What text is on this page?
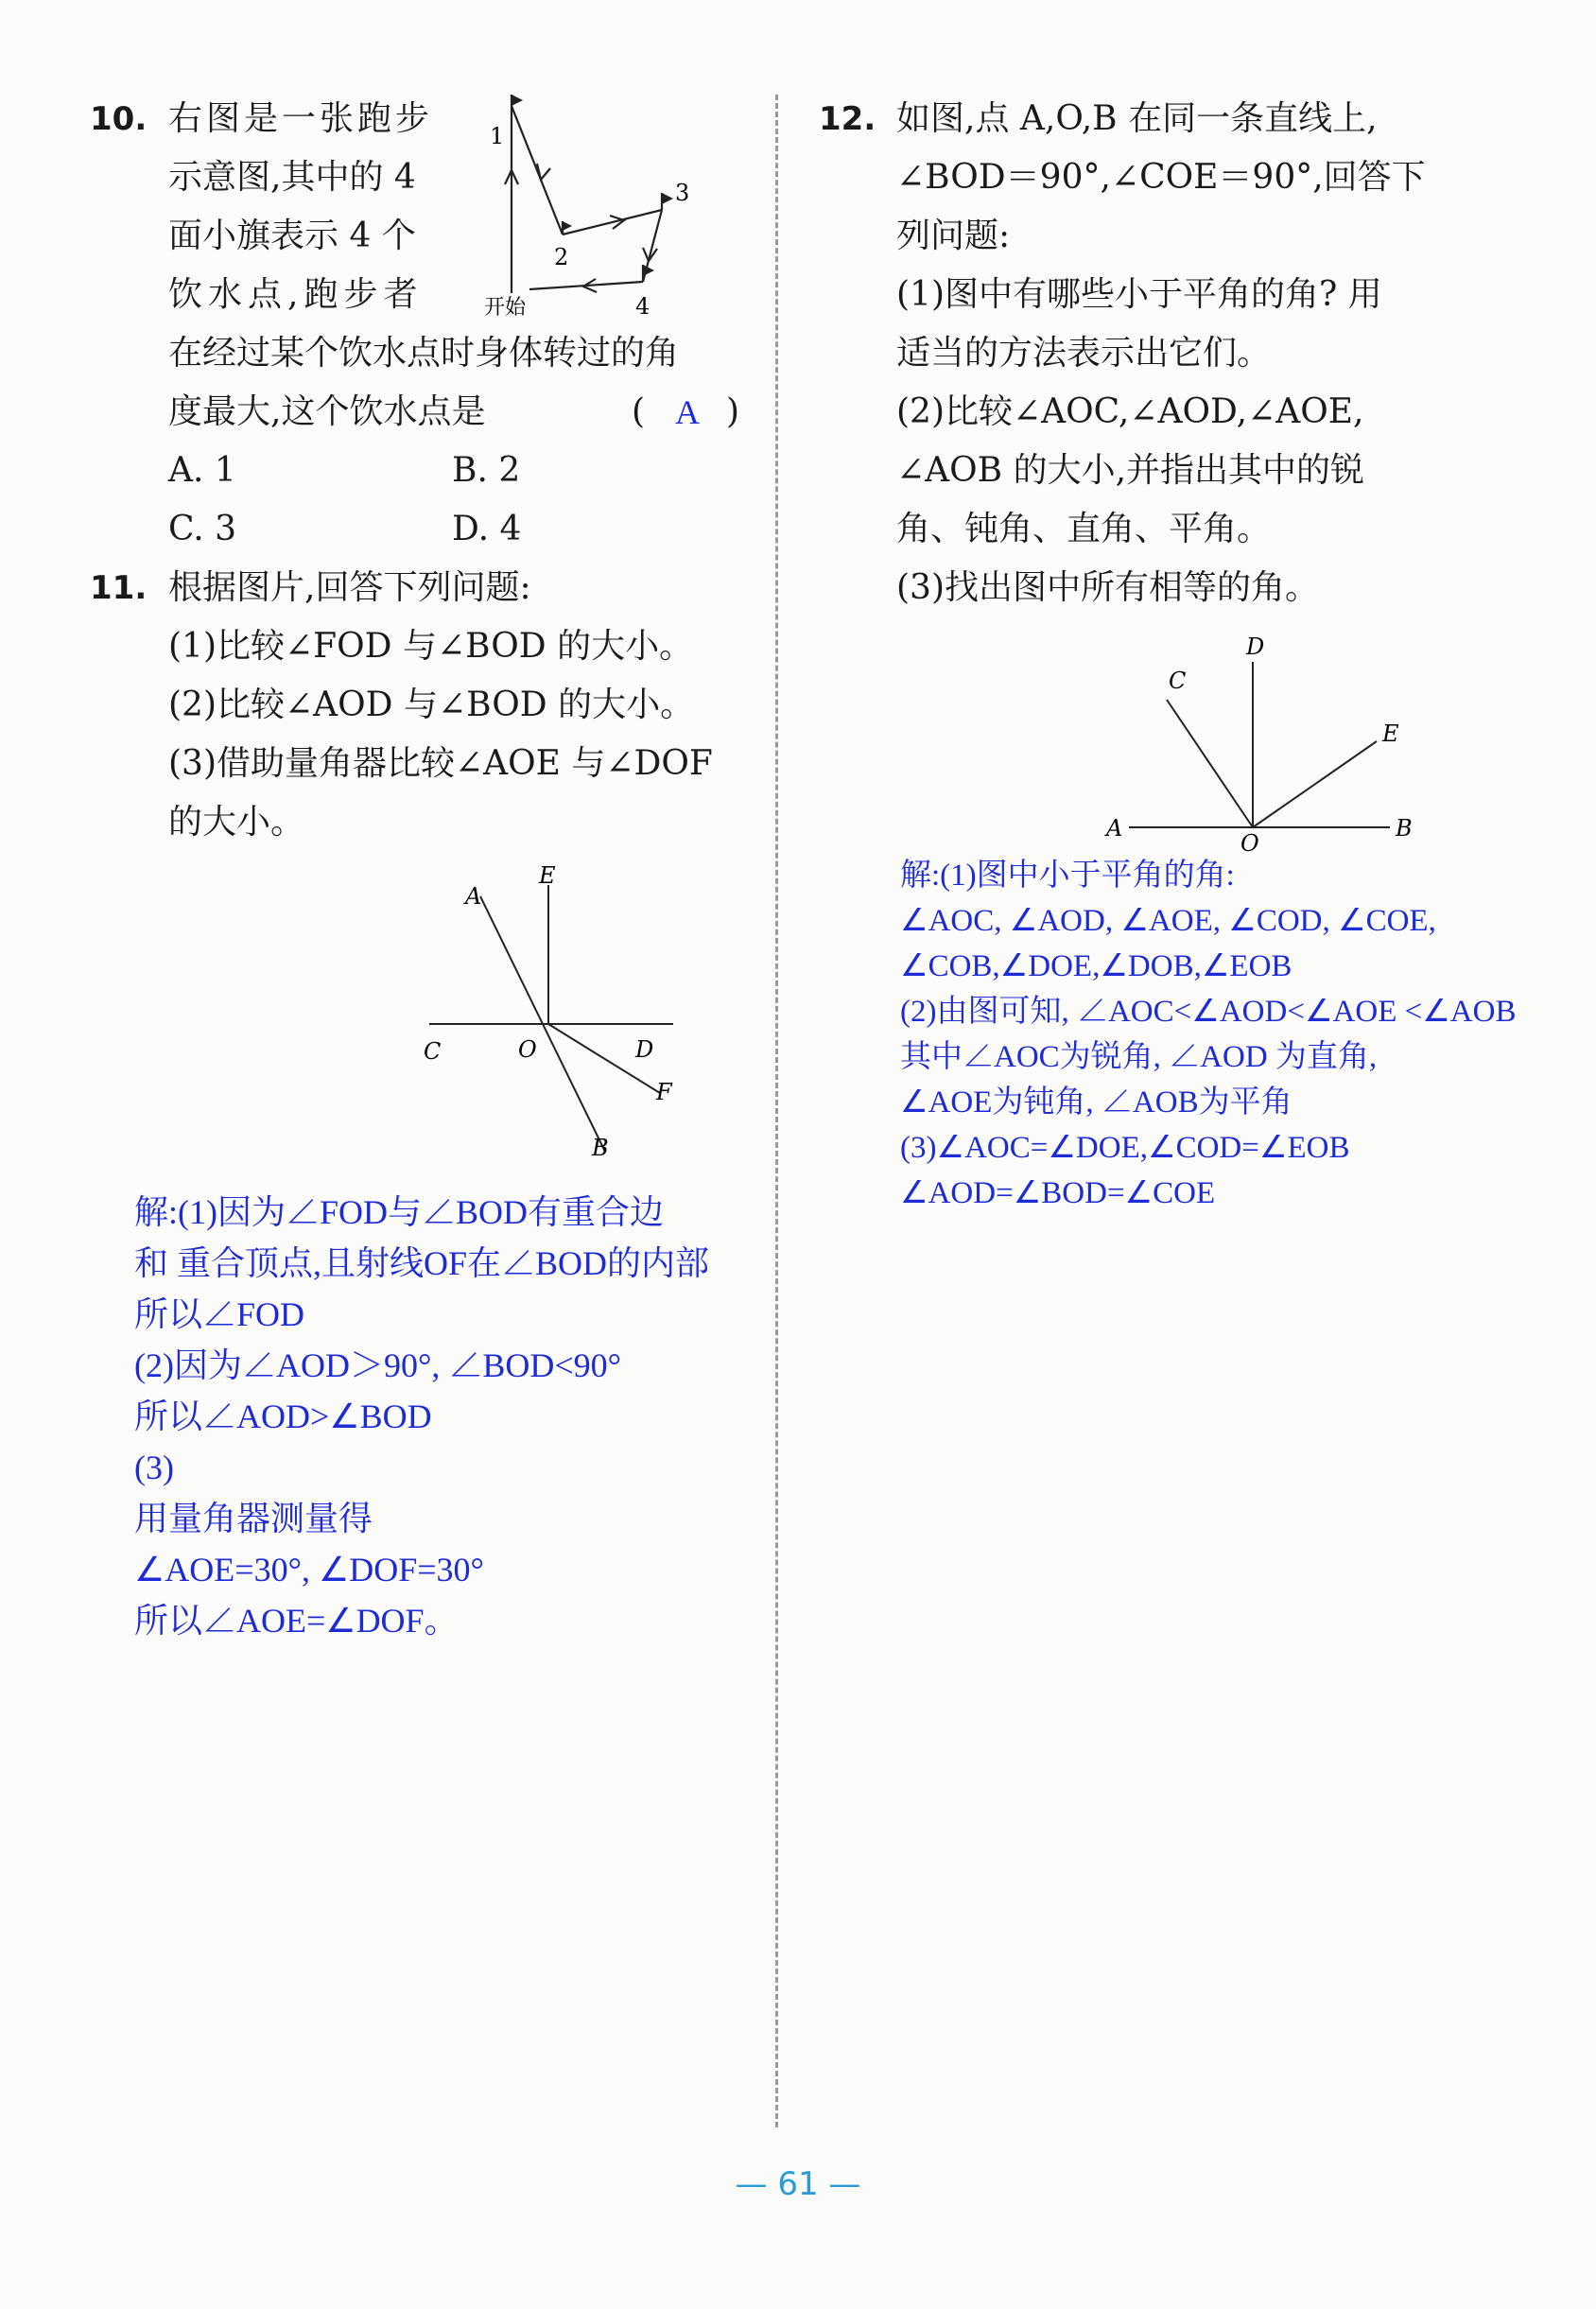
10. 右图是一张跑步
示意图,其中的 4
面小旗表示 4 个
饮水点,跑步者
在经过某个饮水点时身体转过的角
度最大,这个饮水点是	( A )
A. 1	B. 2
C. 3	D. 4
1
2
3
4
开始
11. 根据图片,回答下列问题:
(1)比较∠FOD 与∠BOD 的大小。
(2)比较∠AOD 与∠BOD 的大小。
(3)借助量角器比较∠AOE 与∠DOF
的大小。
A
E
C	O	D
F
B
解:(1)因为∠FOD与∠BOD有重合边
和 重合顶点,且射线OF在∠BOD的内部
所以∠FOD
(2)因为∠AOD＞90°, ∠BOD<90°
所以∠AOD>∠BOD
(3)
用量角器测量得
∠AOE=30°, ∠DOF=30°
所以∠AOE=∠DOF。
12. 如图,点 A,O,B 在同一条直线上,
∠BOD＝90°,∠COE＝90°,回答下
列问题:
(1)图中有哪些小于平角的角? 用
适当的方法表示出它们。
(2)比较∠AOC,∠AOD,∠AOE,
∠AOB 的大小,并指出其中的锐
角、钝角、直角、平角。
(3)找出图中所有相等的角。
D
C
E
A
O
B
解:(1)图中小于平角的角:
∠AOC, ∠AOD, ∠AOE, ∠COD, ∠COE,
∠COB,∠DOE,∠DOB,∠EOB
(2)由图可知, ∠AOC<∠AOD<∠AOE <∠AOB
其中∠AOC为锐角, ∠AOD 为直角,
∠AOE为钝角, ∠AOB为平角
(3)∠AOC=∠DOE,∠COD=∠EOB
∠AOD=∠BOD=∠COE
— 61 —
